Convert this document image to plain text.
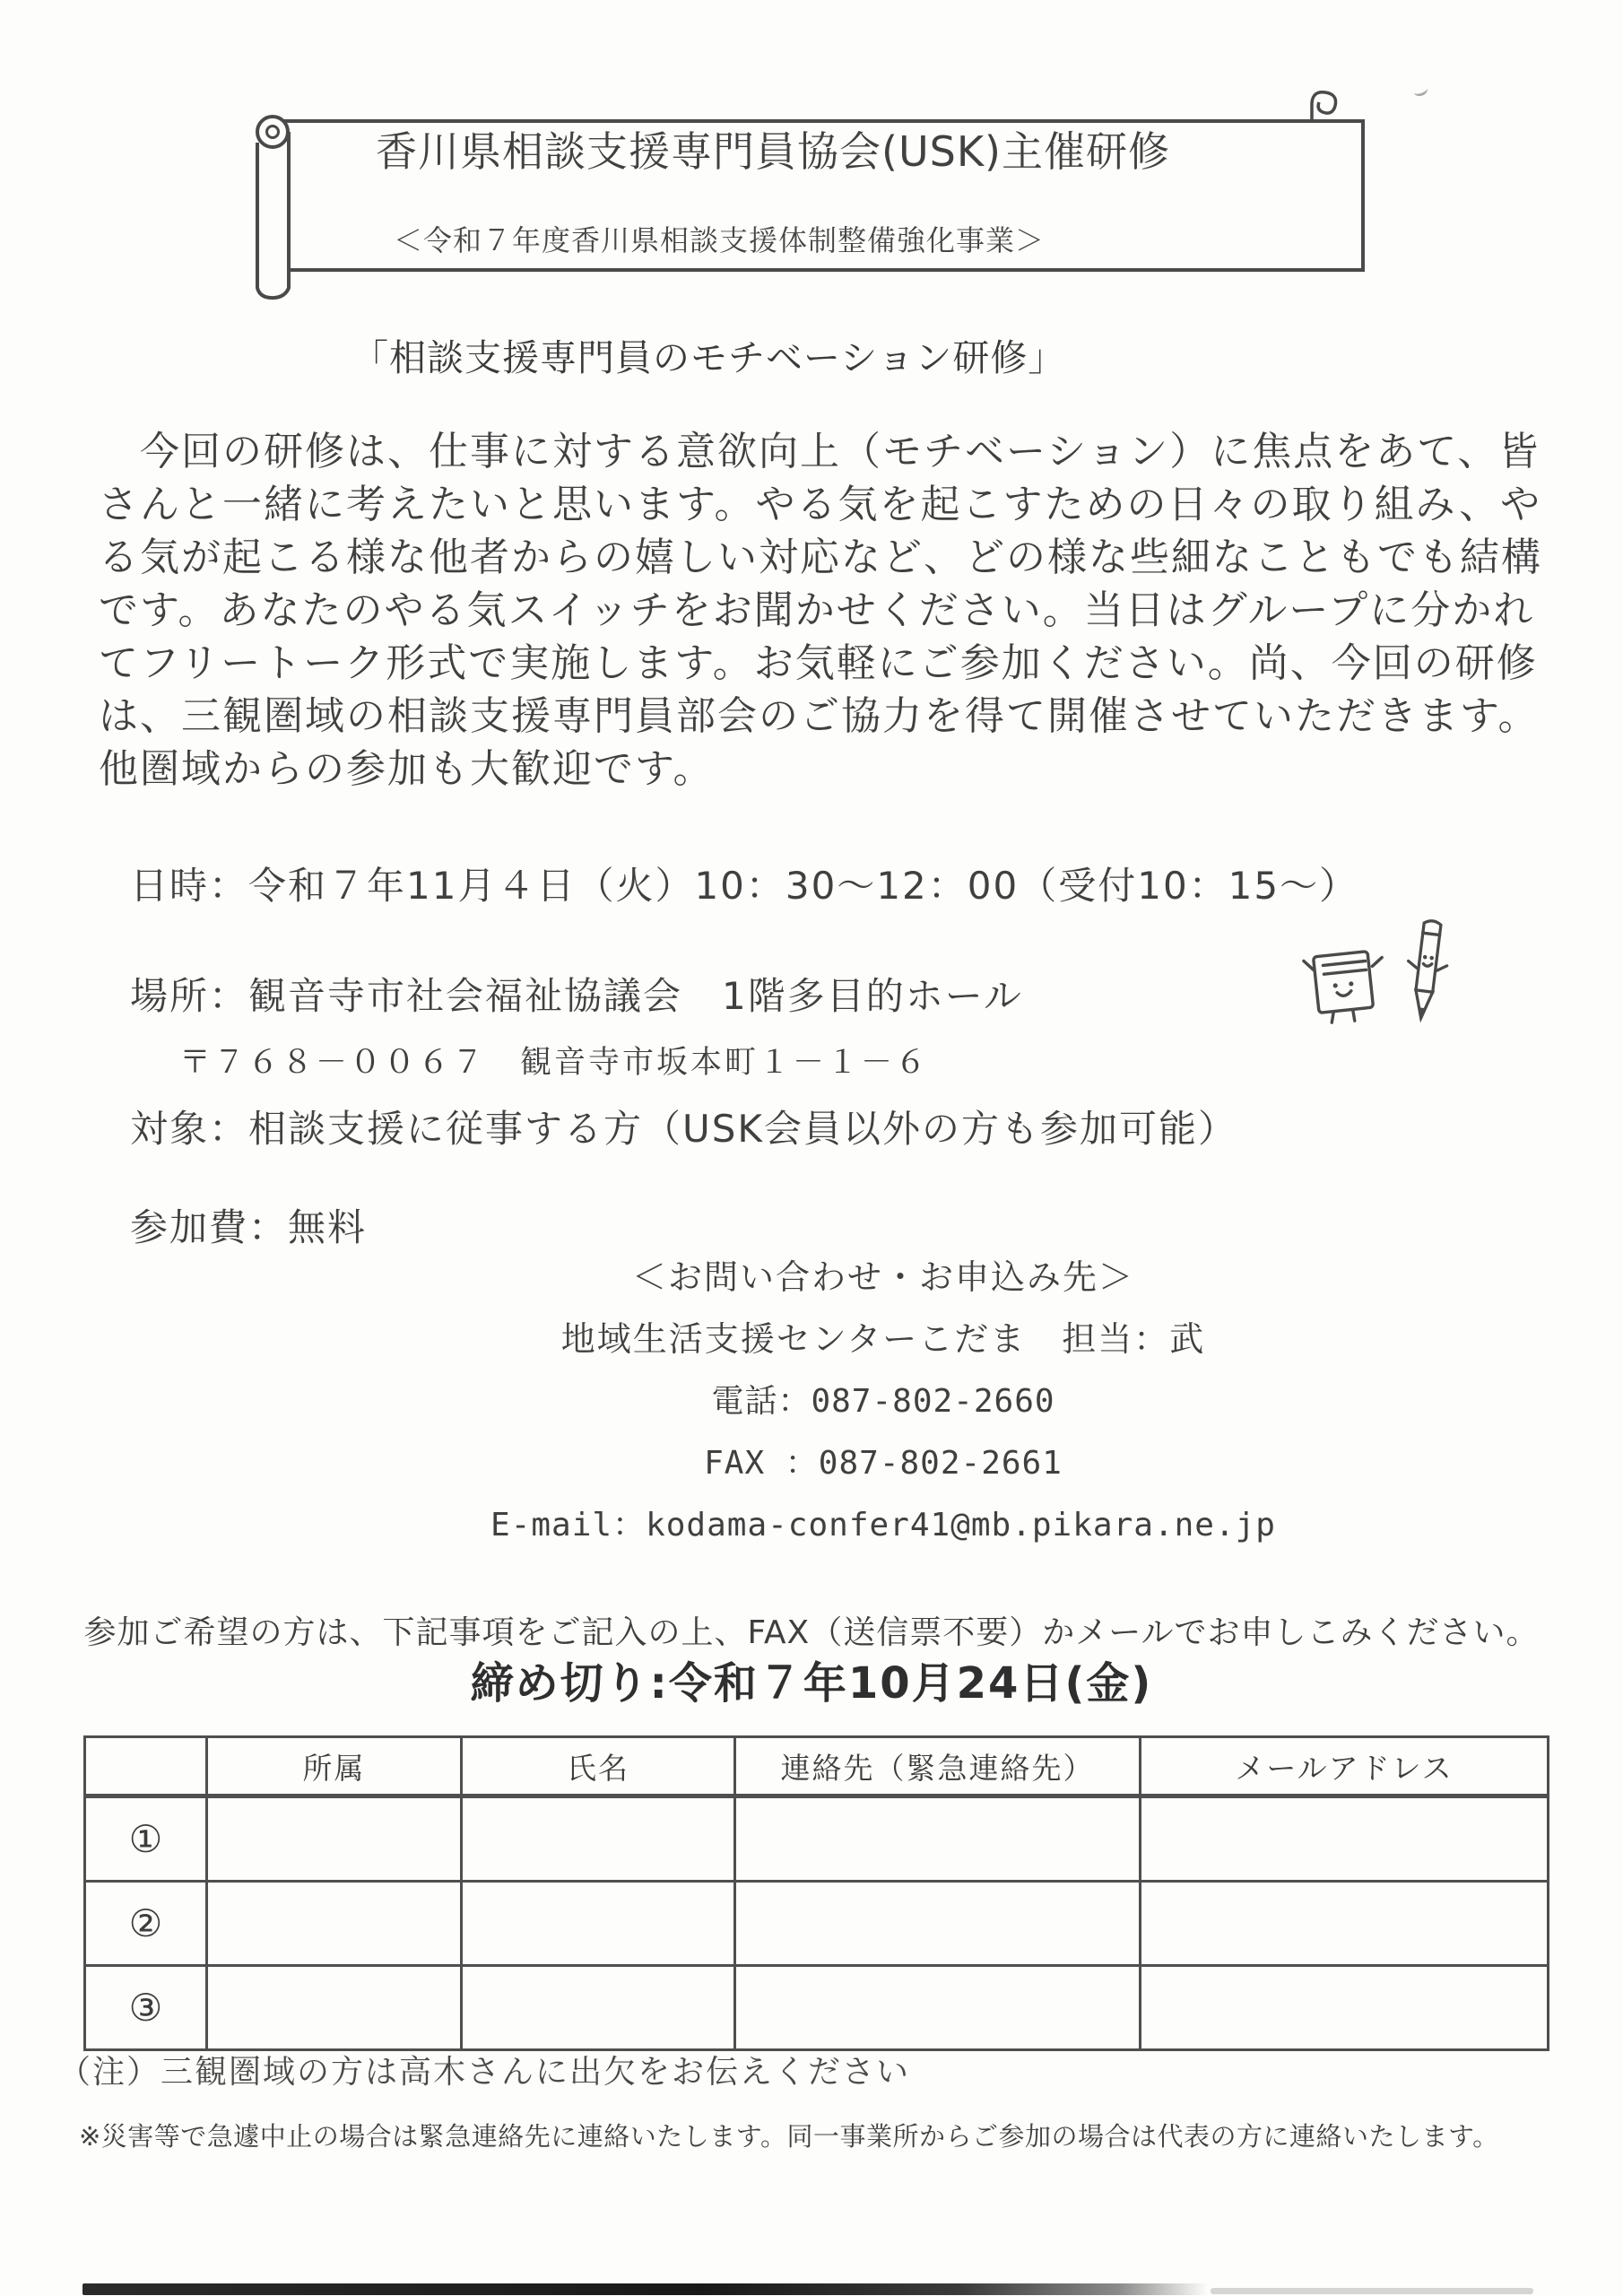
香川県相談支援専門員協会(USK)主催研修
＜令和７年度香川県相談支援体制整備強化事業＞
「相談支援専門員のモチベーション研修」
　今回の研修は、仕事に対する意欲向上（モチベーション）に焦点をあて、皆
さんと一緒に考えたいと思います。やる気を起こすための日々の取り組み、や
る気が起こる様な他者からの嬉しい対応など、どの様な些細なこともでも結構
です。あなたのやる気スイッチをお聞かせください。当日はグループに分かれ
てフリートーク形式で実施します。お気軽にご参加ください。尚、今回の研修
は、三観圏域の相談支援専門員部会のご協力を得て開催させていただきます。
他圏域からの参加も大歓迎です。
日時：令和７年11月４日（火）10：30～12：00（受付10：15～）
場所：観音寺市社会福祉協議会　1階多目的ホール
〒７６８－００６７　観音寺市坂本町１－１－６
対象：相談支援に従事する方（USK会員以外の方も参加可能）
参加費：無料
＜お問い合わせ・お申込み先＞
地域生活支援センターこだま　担当：武
電話：087-802-2660
FAX ：087-802-2661
E-mail：kodama-confer41@mb.pikara.ne.jp
参加ご希望の方は、下記事項をご記入の上、FAX（送信票不要）かメールでお申しこみください。
締め切り:令和７年10月24日(金)
	所属	氏名	連絡先（緊急連絡先）	メールアドレス
①				
②				
③				
（注）三観圏域の方は高木さんに出欠をお伝えください
※災害等で急遽中止の場合は緊急連絡先に連絡いたします。同一事業所からご参加の場合は代表の方に連絡いたします。
